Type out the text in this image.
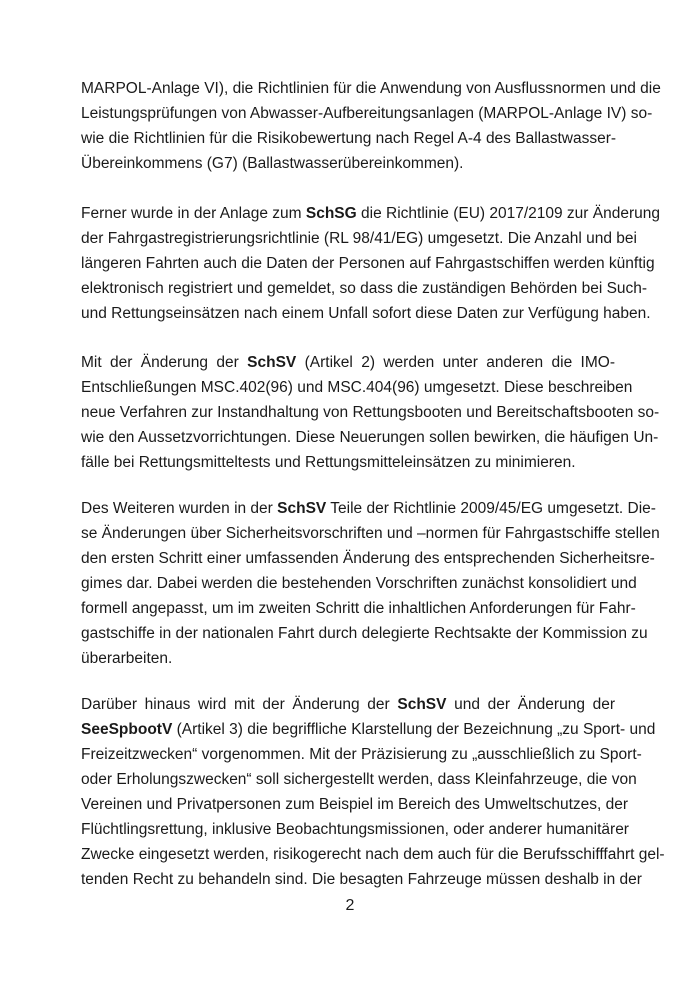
MARPOL-Anlage VI), die Richtlinien für die Anwendung von Ausflussnormen und die
Leistungsprüfungen von Abwasser-Aufbereitungsanlagen (MARPOL-Anlage IV) so-
wie die Richtlinien für die Risikobewertung nach Regel A-4 des Ballastwasser-
Übereinkommens (G7) (Ballastwasserübereinkommen).

Ferner wurde in der Anlage zum SchSG die Richtlinie (EU) 2017/2109 zur Änderung
der Fahrgastregistrierungsrichtlinie (RL 98/41/EG) umgesetzt. Die Anzahl und bei
längeren Fahrten auch die Daten der Personen auf Fahrgastschiffen werden künftig
elektronisch registriert und gemeldet, so dass die zuständigen Behörden bei Such-
und Rettungseinsätzen nach einem Unfall sofort diese Daten zur Verfügung haben.

Mit der Änderung der SchSV (Artikel 2) werden unter anderen die IMO-
Entschließungen MSC.402(96) und MSC.404(96) umgesetzt. Diese beschreiben
neue Verfahren zur Instandhaltung von Rettungsbooten und Bereitschaftsbooten so-
wie den Aussetzvorrichtungen. Diese Neuerungen sollen bewirken, die häufigen Un-
fälle bei Rettungsmitteltests und Rettungsmitteleinsätzen zu minimieren.

Des Weiteren wurden in der SchSV Teile der Richtlinie 2009/45/EG umgesetzt. Die-
se Änderungen über Sicherheitsvorschriften und –normen für Fahrgastschiffe stellen
den ersten Schritt einer umfassenden Änderung des entsprechenden Sicherheitsre-
gimes dar. Dabei werden die bestehenden Vorschriften zunächst konsolidiert und
formell angepasst, um im zweiten Schritt die inhaltlichen Anforderungen für Fahr-
gastschiffe in der nationalen Fahrt durch delegierte Rechtsakte der Kommission zu
überarbeiten.

Darüber hinaus wird mit der Änderung der SchSV und der Änderung der
SeeSpbootV (Artikel 3) die begriffliche Klarstellung der Bezeichnung „zu Sport- und
Freizeitzwecken“ vorgenommen. Mit der Präzisierung zu „ausschließlich zu Sport-
oder Erholungszwecken“ soll sichergestellt werden, dass Kleinfahrzeuge, die von
Vereinen und Privatpersonen zum Beispiel im Bereich des Umweltschutzes, der
Flüchtlingsrettung, inklusive Beobachtungsmissionen, oder anderer humanitärer
Zwecke eingesetzt werden, risikogerecht nach dem auch für die Berufsschifffahrt gel-
tenden Recht zu behandeln sind. Die besagten Fahrzeuge müssen deshalb in der

2
